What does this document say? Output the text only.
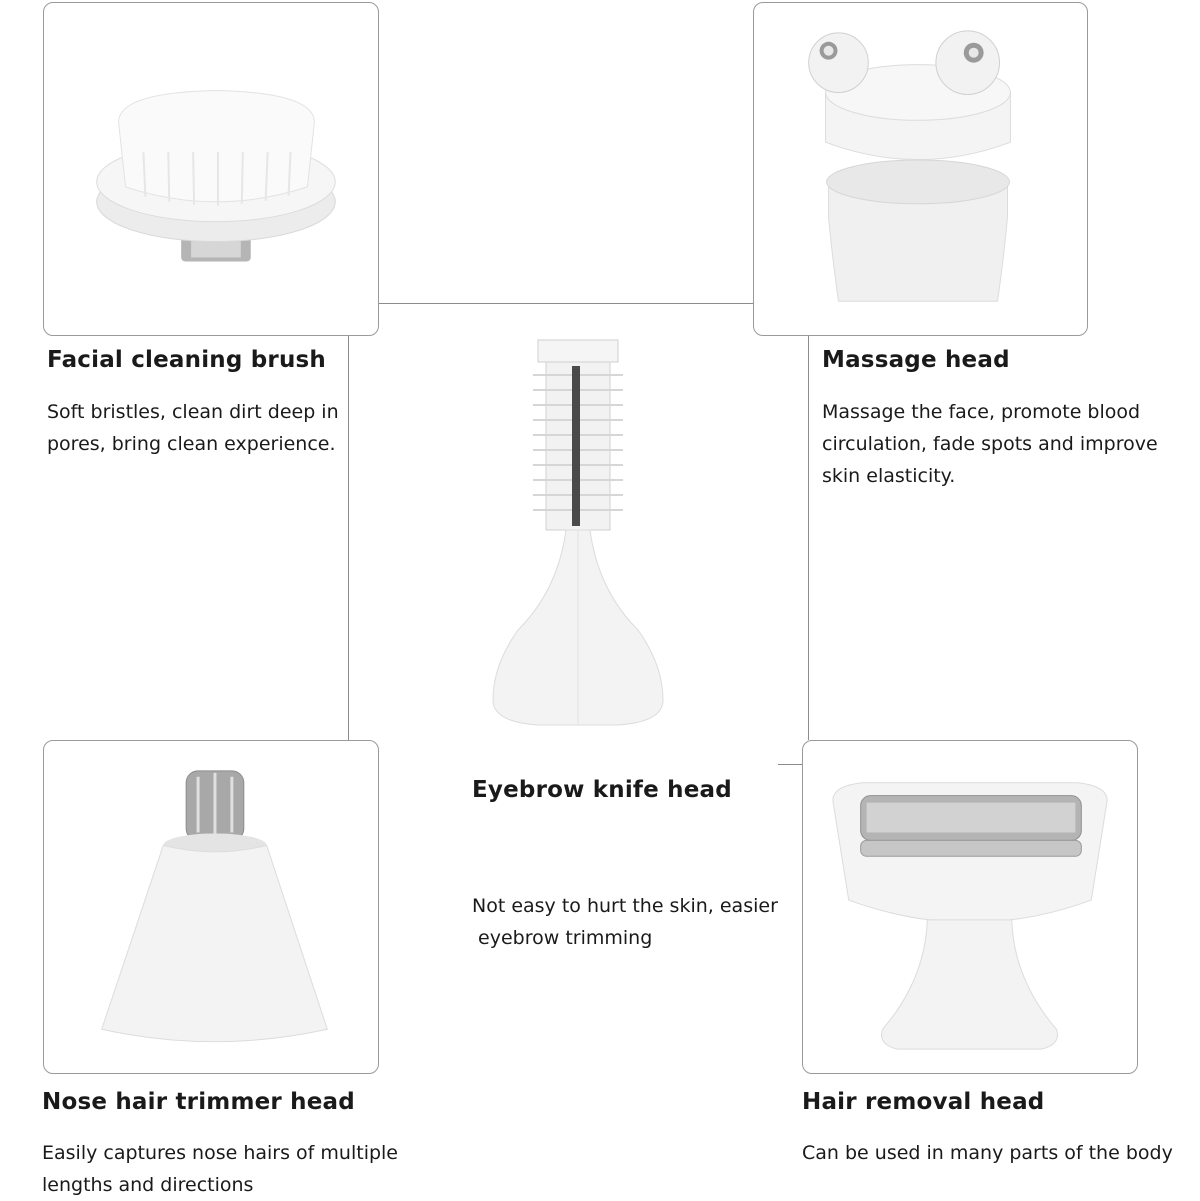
Facial cleaning brush
Soft bristles, clean dirt deep in
pores, bring clean experience.
Massage head
Massage the face, promote blood
circulation, fade spots and improve
skin elasticity.
Eyebrow knife head

Not easy to hurt the skin, easier
eyebrow trimming

Nose hair trimmer head
Easily captures nose hairs of multiple
lengths and directions
Hair removal head
Can be used in many parts of the body
